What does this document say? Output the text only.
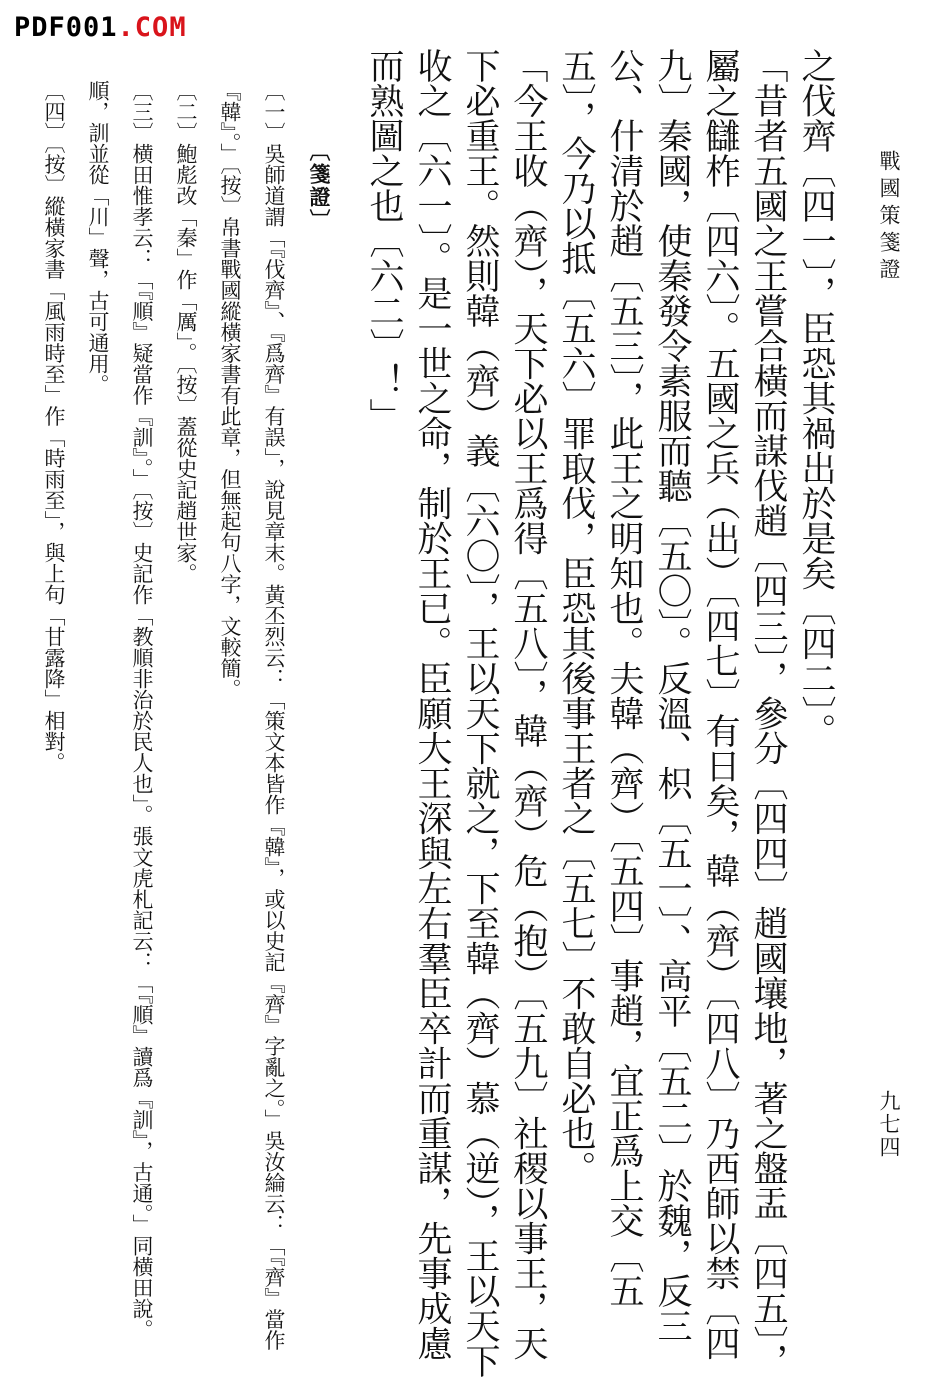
PDF001.COM
戰國策箋證
九七四

之伐齊〔四一〕，臣恐其禍出於是矣〔四二〕。

「昔者五國之王嘗合橫而謀伐趙〔四三〕，參分〔四四〕趙國壤地，著之盤盂〔四五〕，屬之讎柞〔四六〕。五國之兵（出）〔四七〕有日矣，韓（齊）〔四八〕乃西師以禁〔四九〕秦國，使秦發令素服而聽〔五〇〕。反溫、枳〔五一〕、高平〔五二〕於魏，反三公、什清於趙〔五三〕，此王之明知也。夫韓（齊）〔五四〕事趙，宜正爲上交〔五五〕，今乃以抵〔五六〕罪取伐，臣恐其後事王者之〔五七〕不敢自必也。

「今王收（齊），天下必以王爲得〔五八〕，韓（齊）危（抱）〔五九〕社稷以事王，天下必重王。然則韓（齊）義〔六〇〕，王以天下就之，下至韓（齊）慕（逆），王以天下收之〔六一〕。是一世之命，制於王已。臣願大王深與左右羣臣卒計而重謀，先事成慮而熟圖之也〔六二〕！」

〔箋證〕

〔一〕吳師道謂「『伐齊』、『爲齊』有誤」，說見章末。黃丕烈云：「策文本皆作『韓』，或以史記『齊』字亂之。」吳汝綸云：「『齊』當作『韓』。」〔按〕帛書戰國縱橫家書有此章，但無起句八字，文較簡。

〔二〕鮑彪改「秦」作「厲」。〔按〕蓋從史記趙世家。

〔三〕横田惟孝云：「『順』疑當作『訓』。」〔按〕史記作「教順非治於民人也」。張文虎札記云：「『順』讀爲『訓』，古通。」同横田說。順，訓並從「川」聲，古可通用。

〔四〕〔按〕縱橫家書「風雨時至」作「時雨至」，與上句「甘露降」相對。
